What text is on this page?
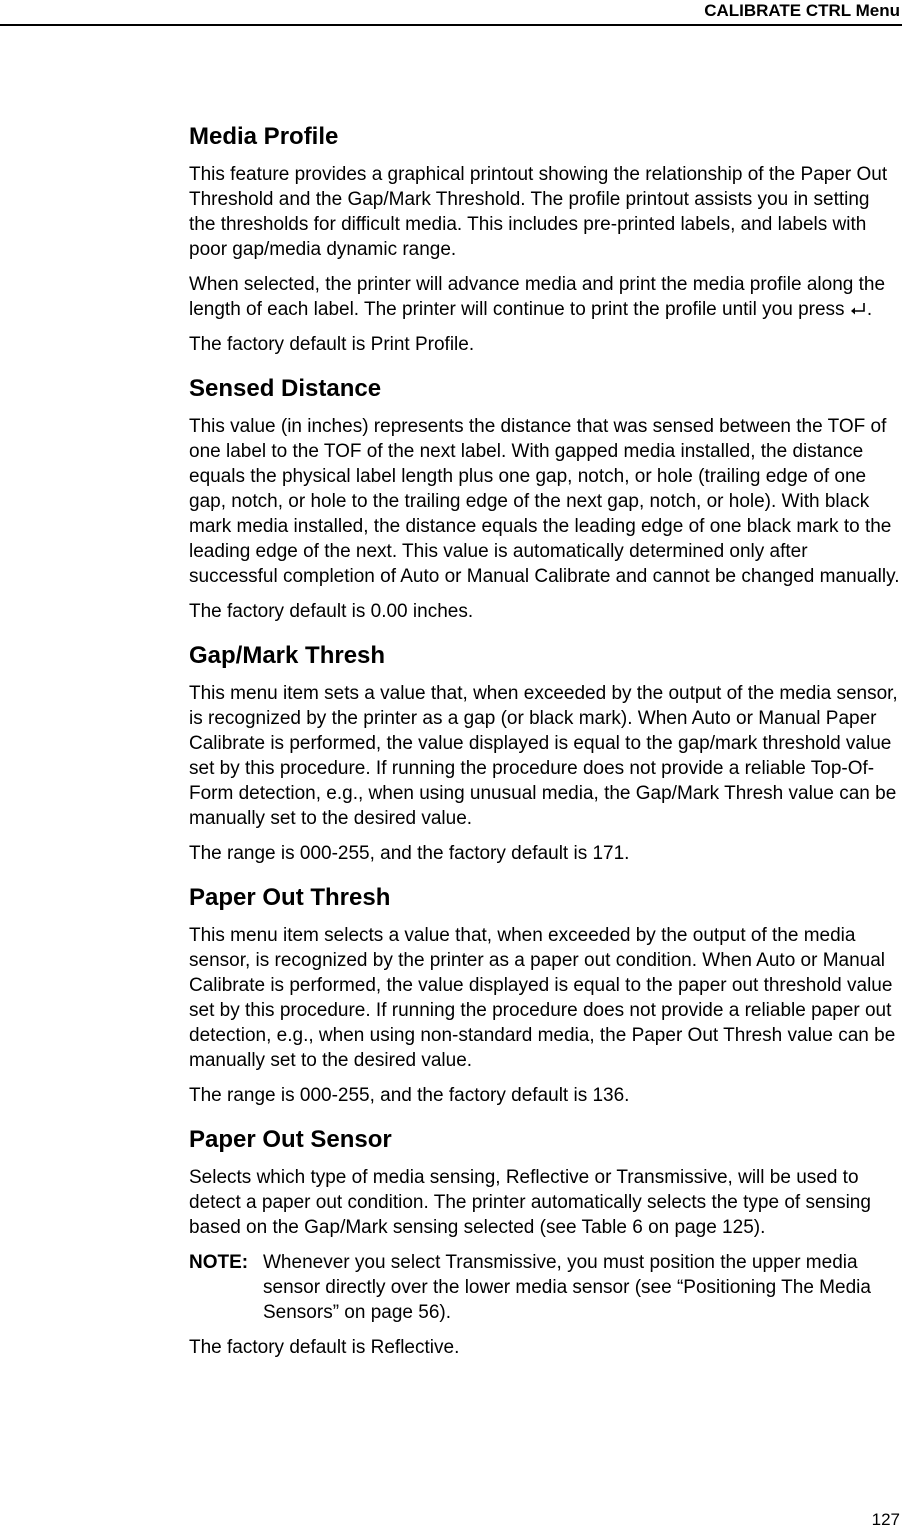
CALIBRATE CTRL Menu
Media Profile

This feature provides a graphical printout showing the relationship of the Paper Out Threshold and the Gap/Mark Threshold. The profile printout assists you in setting the thresholds for difficult media. This includes pre-printed labels, and labels with poor gap/media dynamic range.

When selected, the printer will advance media and print the media profile along the length of each label. The printer will continue to print the profile until you press .

The factory default is Print Profile.

Sensed Distance

This value (in inches) represents the distance that was sensed between the TOF of one label to the TOF of the next label. With gapped media installed, the distance equals the physical label length plus one gap, notch, or hole (trailing edge of one gap, notch, or hole to the trailing edge of the next gap, notch, or hole). With black mark media installed, the distance equals the leading edge of one black mark to the leading edge of the next. This value is automatically determined only after successful completion of Auto or Manual Calibrate and cannot be changed manually.

The factory default is 0.00 inches.

Gap/Mark Thresh

This menu item sets a value that, when exceeded by the output of the media sensor, is recognized by the printer as a gap (or black mark). When Auto or Manual Paper Calibrate is performed, the value displayed is equal to the gap/mark threshold value set by this procedure. If running the procedure does not provide a reliable Top-Of-Form detection, e.g., when using unusual media, the Gap/Mark Thresh value can be manually set to the desired value.

The range is 000-255, and the factory default is 171.

Paper Out Thresh

This menu item selects a value that, when exceeded by the output of the media sensor, is recognized by the printer as a paper out condition. When Auto or Manual Calibrate is performed, the value displayed is equal to the paper out threshold value set by this procedure. If running the procedure does not provide a reliable paper out detection, e.g., when using non-standard media, the Paper Out Thresh value can be manually set to the desired value.

The range is 000-255, and the factory default is 136.

Paper Out Sensor

Selects which type of media sensing, Reflective or Transmissive, will be used to detect a paper out condition. The printer automatically selects the type of sensing based on the Gap/Mark sensing selected (see Table 6 on page 125).

NOTE: Whenever you select Transmissive, you must position the upper media sensor directly over the lower media sensor (see “Positioning The Media Sensors” on page 56).

The factory default is Reflective.

127
